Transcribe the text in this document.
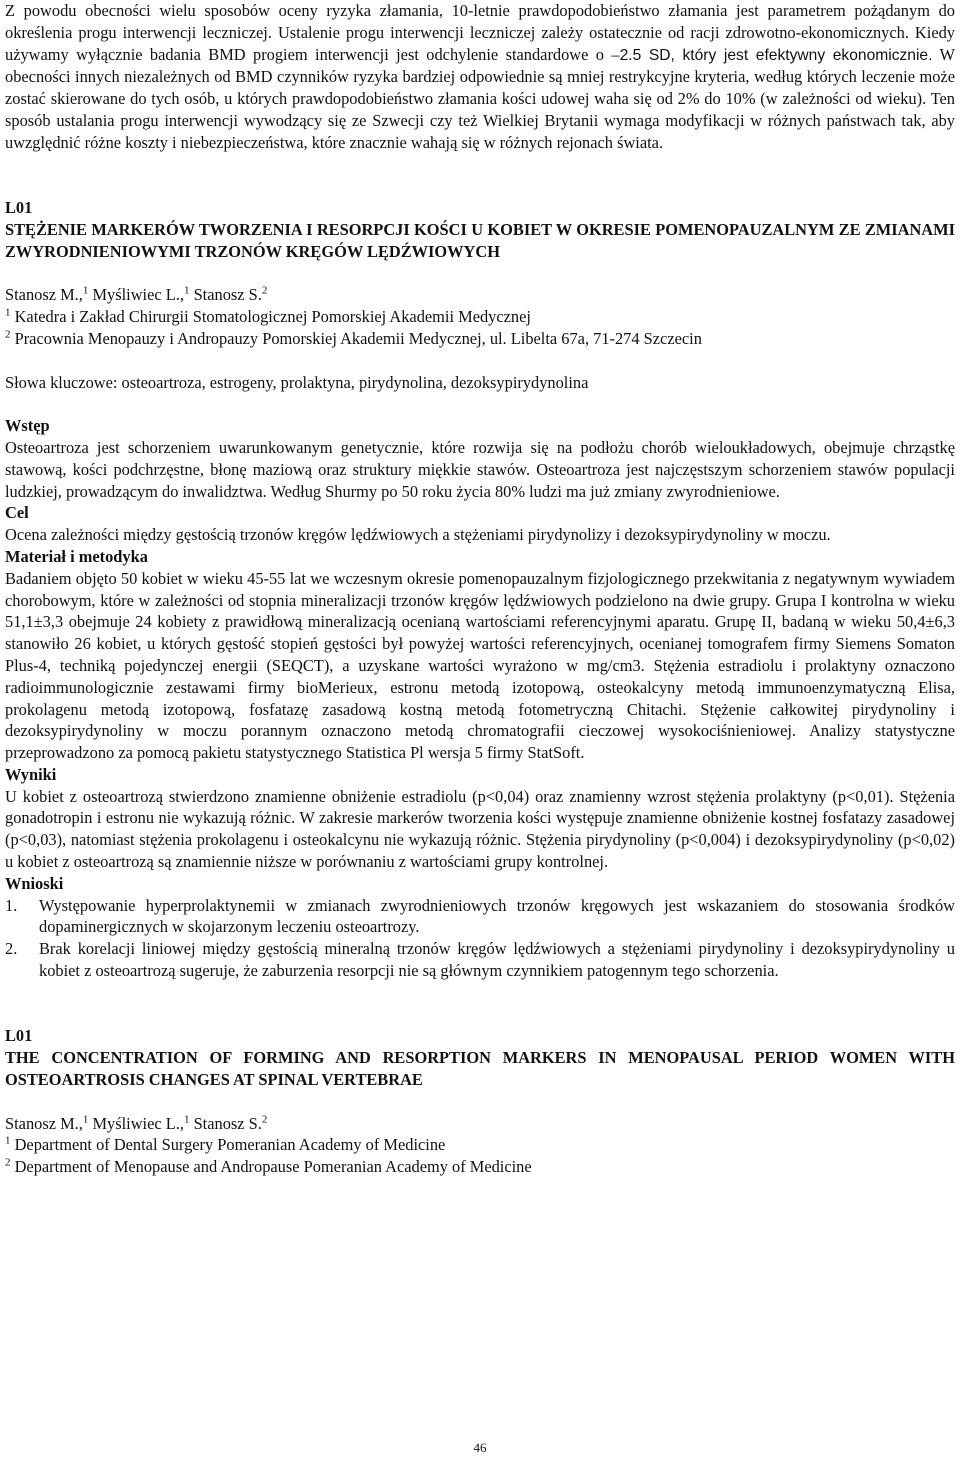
Z powodu obecności wielu sposobów oceny ryzyka złamania, 10-letnie prawdopodobieństwo złamania jest parametrem pożądanym do określenia progu interwencji leczniczej. Ustalenie progu interwencji leczniczej zależy ostatecznie od racji zdrowotno-ekonomicznych. Kiedy używamy wyłącznie badania BMD progiem interwencji jest odchylenie standardowe o –2.5 SD, który jest efektywny ekonomicznie. W obecności innych niezależnych od BMD czynników ryzyka bardziej odpowiednie są mniej restrykcyjne kryteria, według których leczenie może zostać skierowane do tych osób, u których prawdopodobieństwo złamania kości udowej waha się od 2% do 10% (w zależności od wieku). Ten sposób ustalania progu interwencji wywodzący się ze Szwecji czy też Wielkiej Brytanii wymaga modyfikacji w różnych państwach tak, aby uwzględnić różne koszty i niebezpieczeństwa, które znacznie wahają się w różnych rejonach świata.

L01

STĘŻENIE MARKERÓW TWORZENIA I RESORPCJI KOŚCI U KOBIET W OKRESIE POMENOPAUZALNYM ZE ZMIANAMI ZWYRODNIENIOWYMI TRZONÓW KRĘGÓW LĘDŹWIOWYCH

Stanosz M.,$^1$ Myśliwiec L.,$^1$ Stanosz S.$^2$

$^1$ Katedra i Zakład Chirurgii Stomatologicznej Pomorskiej Akademii Medycznej

$^2$ Pracownia Menopauzy i Andropauzy Pomorskiej Akademii Medycznej, ul. Libelta 67a, 71-274 Szczecin

Słowa kluczowe: osteoartroza, estrogeny, prolaktyna, pirydynolina, dezoksypirydynolina

Wstęp

Osteoartroza jest schorzeniem uwarunkowanym genetycznie, które rozwija się na podłożu chorób wieloukładowych, obejmuje chrząstkę stawową, kości podchrzęstne, błonę maziową oraz struktury miękkie stawów. Osteoartroza jest najczęstszym schorzeniem stawów populacji ludzkiej, prowadzącym do inwalidztwa. Według Shurmy po 50 roku życia 80% ludzi ma już zmiany zwyrodnieniowe.

Cel

Ocena zależności między gęstością trzonów kręgów lędźwiowych a stężeniami pirydynolizy i dezoksypirydynoliny w moczu.

Materiał i metodyka

Badaniem objęto 50 kobiet w wieku 45-55 lat we wczesnym okresie pomenopauzalnym fizjologicznego przekwitania z negatywnym wywiadem chorobowym, które w zależności od stopnia mineralizacji trzonów kręgów lędźwiowych podzielono na dwie grupy. Grupa I kontrolna w wieku 51,1±3,3 obejmuje 24 kobiety z prawidłową mineralizacją ocenianą wartościami referencyjnymi aparatu. Grupę II, badaną w wieku 50,4±6,3 stanowiło 26 kobiet, u których gęstość stopień gęstości był powyżej wartości referencyjnych, ocenianej tomografem firmy Siemens Somaton Plus-4, techniką pojedynczej energii (SEQCT), a uzyskane wartości wyrażono w mg/cm3. Stężenia estradiolu i prolaktyny oznaczono radioimmunologicznie zestawami firmy bioMerieux, estronu metodą izotopową, osteokalcyny metodą immunoenzymatyczną Elisa, prokolagenu metodą izotopową, fosfatazę zasadową kostną metodą fotometryczną Chitachi. Stężenie całkowitej pirydynoliny i dezoksypirydynoliny w moczu porannym oznaczono metodą chromatografii cieczowej wysokociśnieniowej. Analizy statystyczne przeprowadzono za pomocą pakietu statystycznego Statistica Pl wersja 5 firmy StatSoft.

Wyniki

U kobiet z osteoartrozą stwierdzono znamienne obniżenie estradiolu (p<0,04) oraz znamienny wzrost stężenia prolaktyny (p<0,01). Stężenia gonadotropin i estronu nie wykazują różnic. W zakresie markerów tworzenia kości występuje znamienne obniżenie kostnej fosfatazy zasadowej (p<0,03), natomiast stężenia prokolagenu i osteokalcynu nie wykazują różnic. Stężenia pirydynoliny (p<0,004) i dezoksypirydynoliny (p<0,02) u kobiet z osteoartrozą są znamiennie niższe w porównaniu z wartościami grupy kontrolnej.

Wnioski

1.	Występowanie hyperprolaktynemii w zmianach zwyrodnieniowych trzonów kręgowych jest wskazaniem do stosowania środków dopaminergicznych w skojarzonym leczeniu osteoartrozy.
2.	Brak korelacji liniowej między gęstością mineralną trzonów kręgów lędźwiowych a stężeniami pirydynoliny i dezoksypirydynoliny u kobiet z osteoartrozą sugeruje, że zaburzenia resorpcji nie są głównym czynnikiem patogennym tego schorzenia.

L01

THE CONCENTRATION OF FORMING AND RESORPTION MARKERS IN MENOPAUSAL PERIOD WOMEN WITH OSTEOARTROSIS CHANGES AT SPINAL VERTEBRAE

Stanosz M.,$^1$ Myśliwiec L.,$^1$ Stanosz S.$^2$

$^1$ Department of Dental Surgery Pomeranian Academy of Medicine

$^2$ Department of Menopause and Andropause Pomeranian Academy of Medicine

46
